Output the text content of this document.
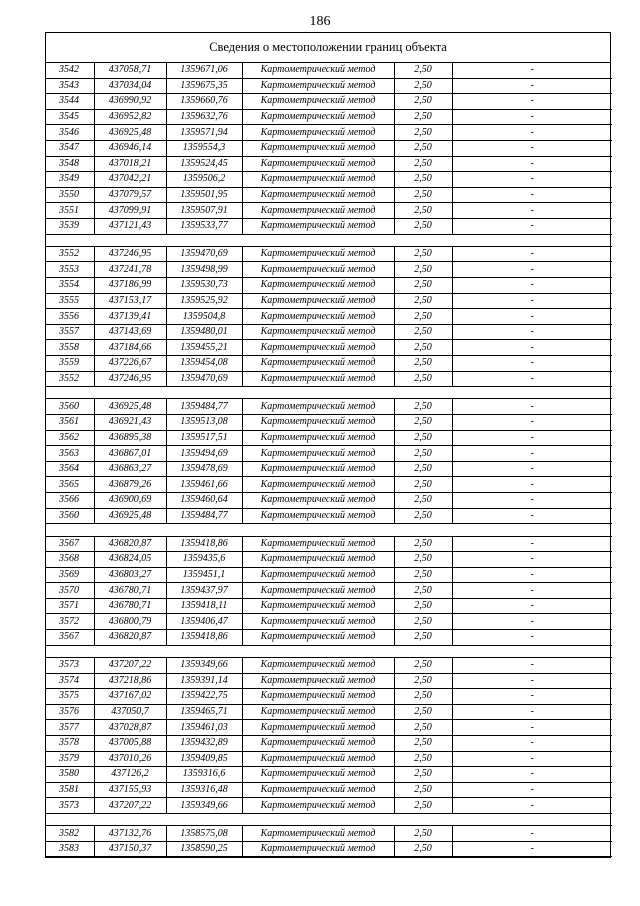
186
Сведения о местоположении границ объекта
3542	437058,71	1359671,06	Картометрический метод	2,50	-
3543	437034,04	1359675,35	Картометрический метод	2,50	-
3544	436990,92	1359660,76	Картометрический метод	2,50	-
3545	436952,82	1359632,76	Картометрический метод	2,50	-
3546	436925,48	1359571,94	Картометрический метод	2,50	-
3547	436946,14	1359554,3	Картометрический метод	2,50	-
3548	437018,21	1359524,45	Картометрический метод	2,50	-
3549	437042,21	1359506,2	Картометрический метод	2,50	-
3550	437079,57	1359501,95	Картометрический метод	2,50	-
3551	437099,91	1359507,91	Картометрический метод	2,50	-
3539	437121,43	1359533,77	Картометрический метод	2,50	-

3552	437246,95	1359470,69	Картометрический метод	2,50	-
3553	437241,78	1359498,99	Картометрический метод	2,50	-
3554	437186,99	1359530,73	Картометрический метод	2,50	-
3555	437153,17	1359525,92	Картометрический метод	2,50	-
3556	437139,41	1359504,8	Картометрический метод	2,50	-
3557	437143,69	1359480,01	Картометрический метод	2,50	-
3558	437184,66	1359455,21	Картометрический метод	2,50	-
3559	437226,67	1359454,08	Картометрический метод	2,50	-
3552	437246,95	1359470,69	Картометрический метод	2,50	-

3560	436925,48	1359484,77	Картометрический метод	2,50	-
3561	436921,43	1359513,08	Картометрический метод	2,50	-
3562	436895,38	1359517,51	Картометрический метод	2,50	-
3563	436867,01	1359494,69	Картометрический метод	2,50	-
3564	436863,27	1359478,69	Картометрический метод	2,50	-
3565	436879,26	1359461,66	Картометрический метод	2,50	-
3566	436900,69	1359460,64	Картометрический метод	2,50	-
3560	436925,48	1359484,77	Картометрический метод	2,50	-

3567	436820,87	1359418,86	Картометрический метод	2,50	-
3568	436824,05	1359435,6	Картометрический метод	2,50	-
3569	436803,27	1359451,1	Картометрический метод	2,50	-
3570	436780,71	1359437,97	Картометрический метод	2,50	-
3571	436780,71	1359418,11	Картометрический метод	2,50	-
3572	436800,79	1359406,47	Картометрический метод	2,50	-
3567	436820,87	1359418,86	Картометрический метод	2,50	-

3573	437207,22	1359349,66	Картометрический метод	2,50	-
3574	437218,86	1359391,14	Картометрический метод	2,50	-
3575	437167,02	1359422,75	Картометрический метод	2,50	-
3576	437050,7	1359465,71	Картометрический метод	2,50	-
3577	437028,87	1359461,03	Картометрический метод	2,50	-
3578	437005,88	1359432,89	Картометрический метод	2,50	-
3579	437010,26	1359409,85	Картометрический метод	2,50	-
3580	437126,2	1359316,6	Картометрический метод	2,50	-
3581	437155,93	1359316,48	Картометрический метод	2,50	-
3573	437207,22	1359349,66	Картометрический метод	2,50	-

3582	437132,76	1358575,08	Картометрический метод	2,50	-
3583	437150,37	1358590,25	Картометрический метод	2,50	-
